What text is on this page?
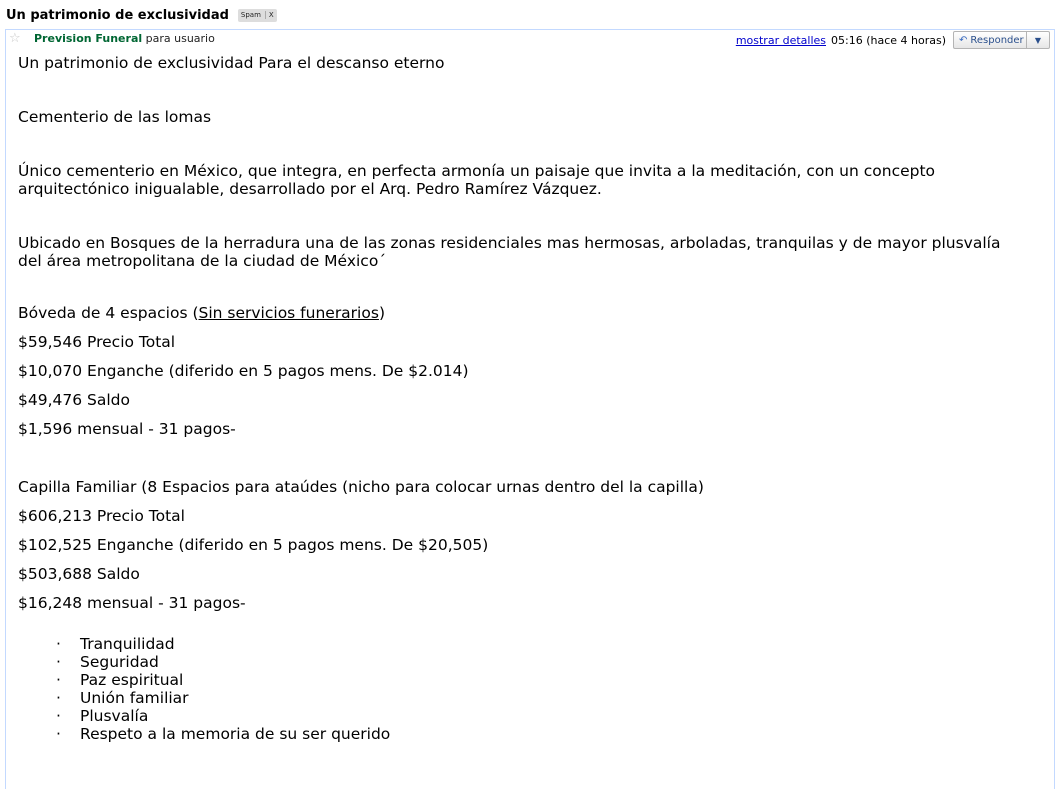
Un patrimonio de exclusividad Spam	X
☆ Prevision Funeral para usuario	mostrar detalles 05:16 (hace 4 horas) ↶ Responder	▼

Un patrimonio de exclusividad Para el descanso eterno

Cementerio de las lomas

Único cementerio en México, que integra, en perfecta armonía un paisaje que invita a la meditación, con un concepto

arquitectónico inigualable, desarrollado por el Arq. Pedro Ramírez Vázquez.

Ubicado en Bosques de la herradura una de las zonas residenciales mas hermosas, arboladas, tranquilas y de mayor plusvalía

del área metropolitana de la ciudad de México´

Bóveda de 4 espacios (Sin servicios funerarios)

$59,546 Precio Total

$10,070 Enganche (diferido en 5 pagos mens. De $2.014)

$49,476 Saldo

$1,596 mensual - 31 pagos-

Capilla Familiar (8 Espacios para ataúdes (nicho para colocar urnas dentro del la capilla)

$606,213 Precio Total

$102,525 Enganche (diferido en 5 pagos mens. De $20,505)

$503,688 Saldo

$16,248 mensual - 31 pagos-

· Tranquilidad
· Seguridad
· Paz espiritual
· Unión familiar
· Plusvalía
· Respeto a la memoria de su ser querido
